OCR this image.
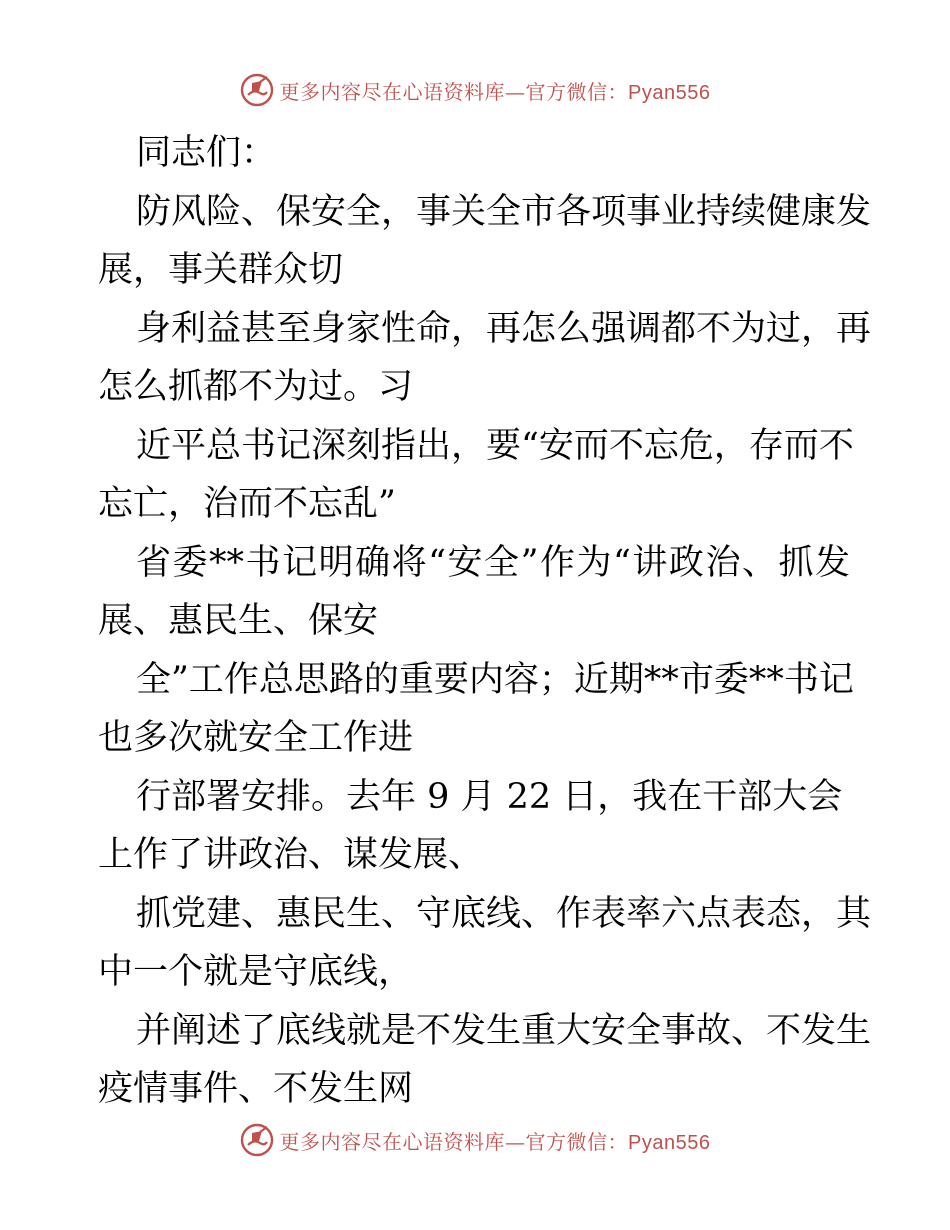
更多内容尽在心语资料库—官方微信：Pyan556
同志们：
防风险、保安全，事关全市各项事业持续健康发
展，事关群众切
身利益甚至身家性命，再怎么强调都不为过，再
怎么抓都不为过。习
近平总书记深刻指出，要“安而不忘危，存而不
忘亡，治而不忘乱”
省委**书记明确将“安全”作为“讲政治、抓发
展、惠民生、保安
全”工作总思路的重要内容；近期**市委**书记
也多次就安全工作进
行部署安排。去年 9 月 22 日，我在干部大会
上作了讲政治、谋发展、
抓党建、惠民生、守底线、作表率六点表态，其
中一个就是守底线，
并阐述了底线就是不发生重大安全事故、不发生
疫情事件、不发生网
更多内容尽在心语资料库—官方微信：Pyan556
